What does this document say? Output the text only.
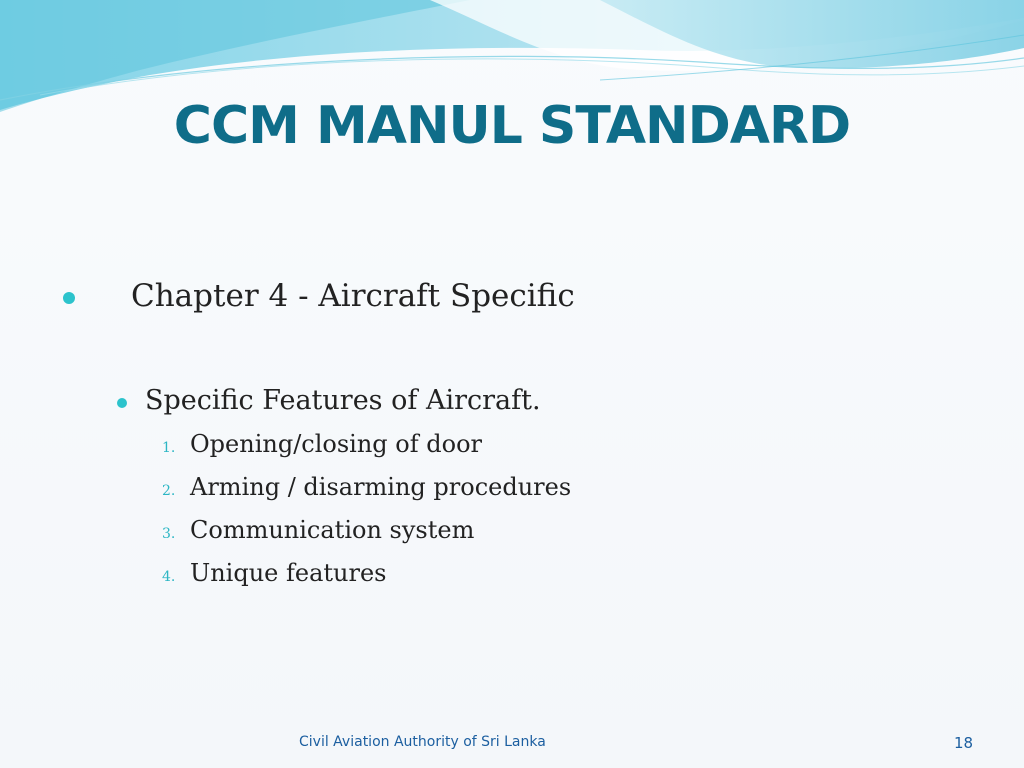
CCM MANUL STANDARD
Chapter 4 - Aircraft Specific
Specific Features of Aircraft.
1. Opening/closing of door
2. Arming / disarming procedures
3. Communication system
4. Unique features
Civil Aviation Authority of Sri Lanka	18
